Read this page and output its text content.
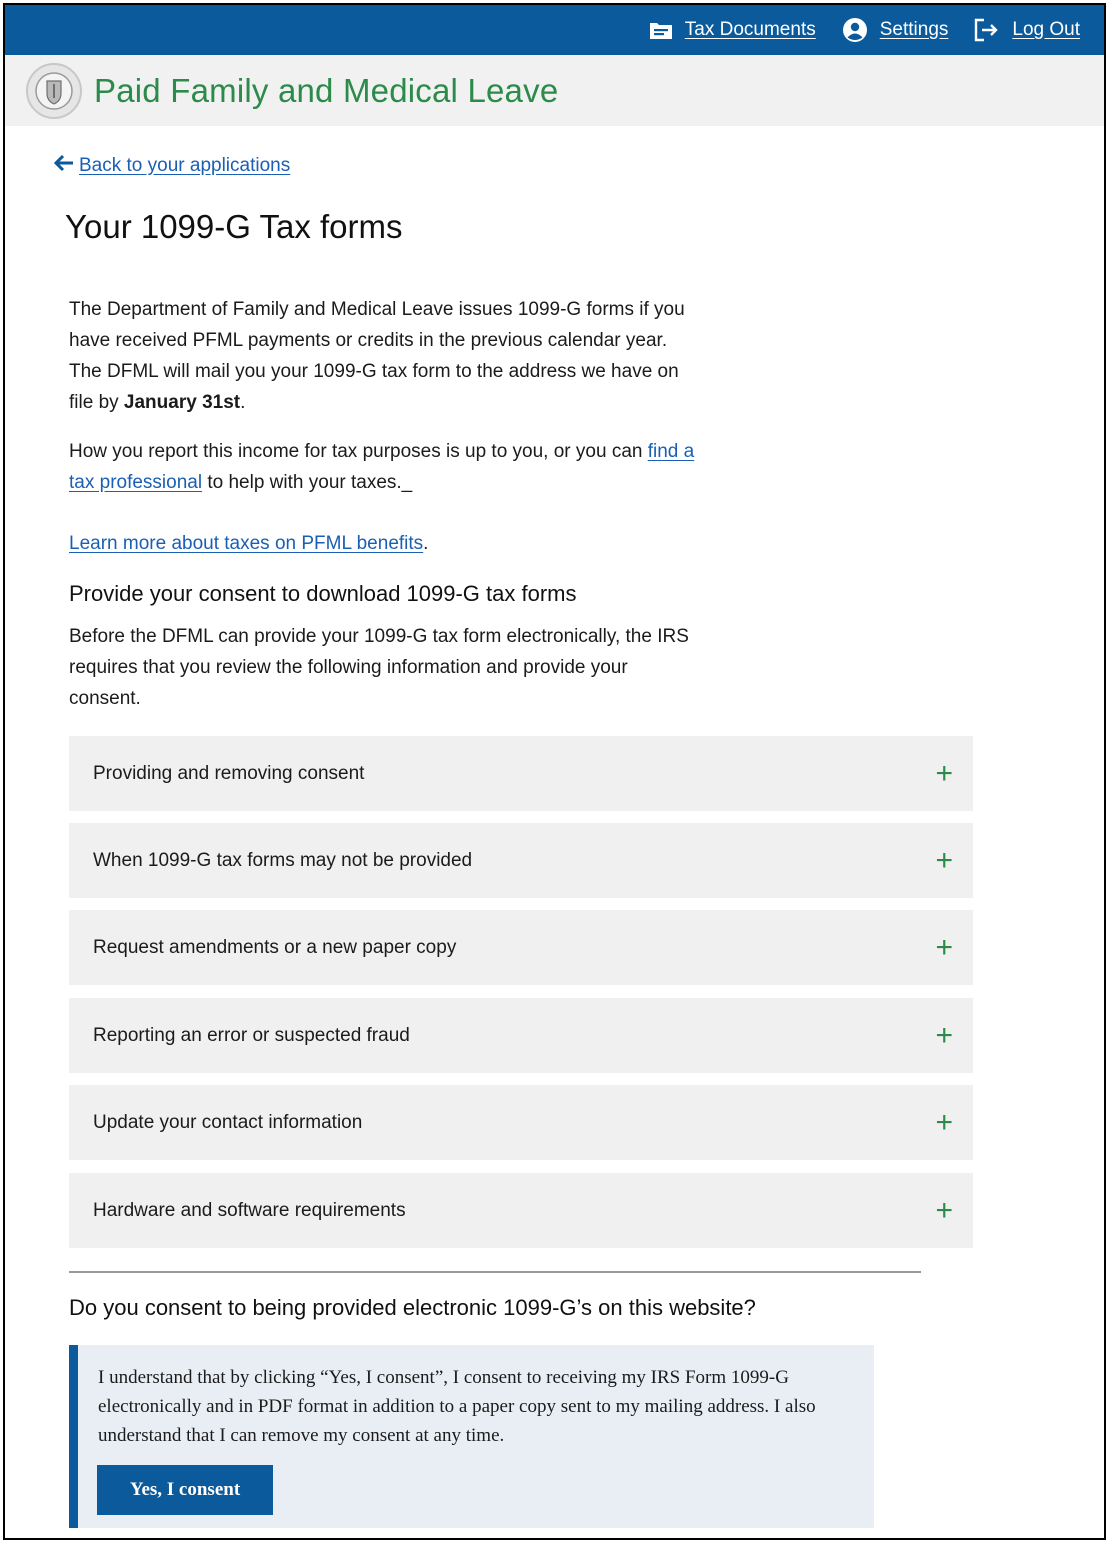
Tax Documents	Settings	Log Out
Paid Family and Medical Leave
Back to your applications
Your 1099-G Tax forms

The Department of Family and Medical Leave issues 1099-G forms if you have received PFML payments or credits in the previous calendar year. The DFML will mail you your 1099-G tax form to the address we have on file by January 31st.

How you report this income for tax purposes is up to you, or you can find a tax professional to help with your taxes._

Learn more about taxes on PFML benefits.

Provide your consent to download 1099-G tax forms

Before the DFML can provide your 1099-G tax form electronically, the IRS requires that you review the following information and provide your consent.

Providing and removing consent	+
When 1099-G tax forms may not be provided	+
Request amendments or a new paper copy	+
Reporting an error or suspected fraud	+
Update your contact information	+
Hardware and software requirements	+
Do you consent to being provided electronic 1099-G’s on this website?

I understand that by clicking “Yes, I consent”, I consent to receiving my IRS Form 1099-G electronically and in PDF format in addition to a paper copy sent to my mailing address. I also understand that I can remove my consent at any time.

Yes, I consent
